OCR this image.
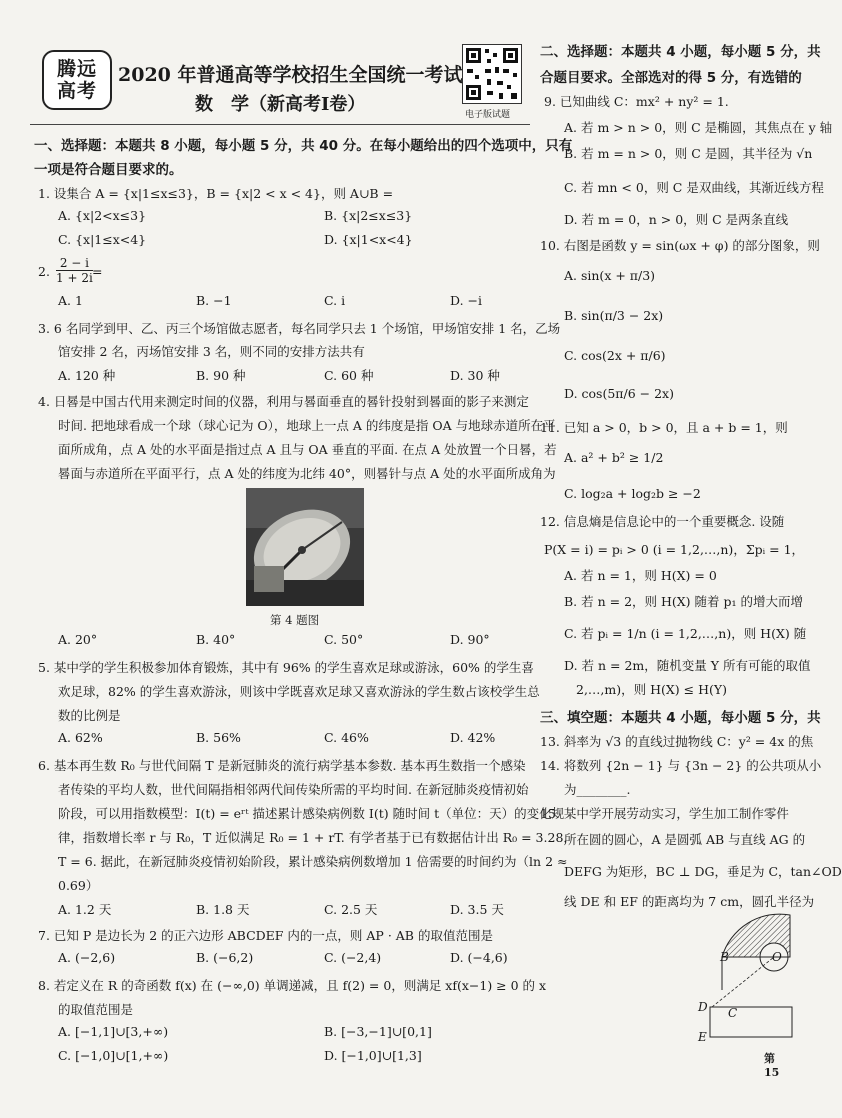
腾远
高考
2020 年普通高等学校招生全国统一考试
数　学（新高考Ⅰ卷）	电子版试题
一、选择题：本题共 8 小题，每小题 5 分，共 40 分。在每小题给出的四个选项中，只有
一项是符合题目要求的。
1. 设集合 A = {x|1≤x≤3}，B = {x|2 < x < 4}，则 A∪B =
A. {x|2<x≤3}	B. {x|2≤x≤3}
C. {x|1≤x<4}	D. {x|1<x<4}
2. $\frac{2 - i}{1 + 2i}$ =
A. 1	B. −1	C. i	D. −i
3. 6 名同学到甲、乙、丙三个场馆做志愿者，每名同学只去 1 个场馆，甲场馆安排 1 名，乙场
馆安排 2 名，丙场馆安排 3 名，则不同的安排方法共有
A. 120 种	B. 90 种	C. 60 种	D. 30 种
4. 日晷是中国古代用来测定时间的仪器，利用与晷面垂直的晷针投射到晷面的影子来测定
时间. 把地球看成一个球（球心记为 O），地球上一点 A 的纬度是指 OA 与地球赤道所在平
面所成角，点 A 处的水平面是指过点 A 且与 OA 垂直的平面. 在点 A 处放置一个日晷，若
晷面与赤道所在平面平行，点 A 处的纬度为北纬 40°，则晷针与点 A 处的水平面所成角为
第 4 题图
A. 20°	B. 40°	C. 50°	D. 90°
5. 某中学的学生积极参加体育锻炼，其中有 96% 的学生喜欢足球或游泳，60% 的学生喜
欢足球，82% 的学生喜欢游泳，则该中学既喜欢足球又喜欢游泳的学生数占该校学生总
数的比例是
A. 62%	B. 56%	C. 46%	D. 42%
6. 基本再生数 R₀ 与世代间隔 T 是新冠肺炎的流行病学基本参数. 基本再生数指一个感染
者传染的平均人数，世代间隔指相邻两代间传染所需的平均时间. 在新冠肺炎疫情初始
阶段，可以用指数模型：I(t) = eʳᵗ 描述累计感染病例数 I(t) 随时间 t（单位：天）的变化规
律，指数增长率 r 与 R₀，T 近似满足 R₀ = 1 + rT. 有学者基于已有数据估计出 R₀ = 3.28，
T = 6. 据此，在新冠肺炎疫情初始阶段，累计感染病例数增加 1 倍需要的时间约为（ln 2 ≈
0.69）
A. 1.2 天	B. 1.8 天	C. 2.5 天	D. 3.5 天
7. 已知 P 是边长为 2 的正六边形 ABCDEF 内的一点，则 AP · AB 的取值范围是
A. (−2,6)	B. (−6,2)	C. (−2,4)	D. (−4,6)
8. 若定义在 R 的奇函数 f(x) 在 (−∞,0) 单调递减，且 f(2) = 0，则满足 xf(x−1) ≥ 0 的 x
的取值范围是
A. [−1,1]∪[3,+∞)	B. [−3,−1]∪[0,1]
C. [−1,0]∪[1,+∞)	D. [−1,0]∪[1,3]
二、选择题：本题共 4 小题，每小题 5 分，共
合题目要求。全部选对的得 5 分，有选错的
9. 已知曲线 C：mx² + ny² = 1.
A. 若 m > n > 0，则 C 是椭圆，其焦点在 y 轴
B. 若 m = n > 0，则 C 是圆，其半径为 √n
C. 若 mn < 0，则 C 是双曲线，其渐近线方程
D. 若 m = 0，n > 0，则 C 是两条直线
10. 右图是函数 y = sin(ωx + φ) 的部分图象，则
A. sin(x + π/3)
B. sin(π/3 − 2x)
C. cos(2x + π/6)
D. cos(5π/6 − 2x)
11. 已知 a > 0，b > 0，且 a + b = 1，则
A. a² + b² ≥ 1/2
C. log₂a + log₂b ≥ −2
12. 信息熵是信息论中的一个重要概念. 设随
P(X = i) = pᵢ > 0 (i = 1,2,…,n)，Σpᵢ = 1，
A. 若 n = 1，则 H(X) = 0
B. 若 n = 2，则 H(X) 随着 p₁ 的增大而增
C. 若 pᵢ = 1/n (i = 1,2,…,n)，则 H(X) 随
D. 若 n = 2m，随机变量 Y 所有可能的取值
2,…,m)，则 H(X) ≤ H(Y)
三、填空题：本题共 4 小题，每小题 5 分，共
13. 斜率为 √3 的直线过抛物线 C：y² = 4x 的焦
14. 将数列 {2n − 1} 与 {3n − 2} 的公共项从小
为________.
15. 某中学开展劳动实习，学生加工制作零件
所在圆的圆心，A 是圆弧 AB 与直线 AG 的
DEFG 为矩形，BC ⊥ DG，垂足为 C，tan∠OD
线 DE 和 EF 的距离均为 7 cm，圆孔半径为
B	O
D C
E
第 15
